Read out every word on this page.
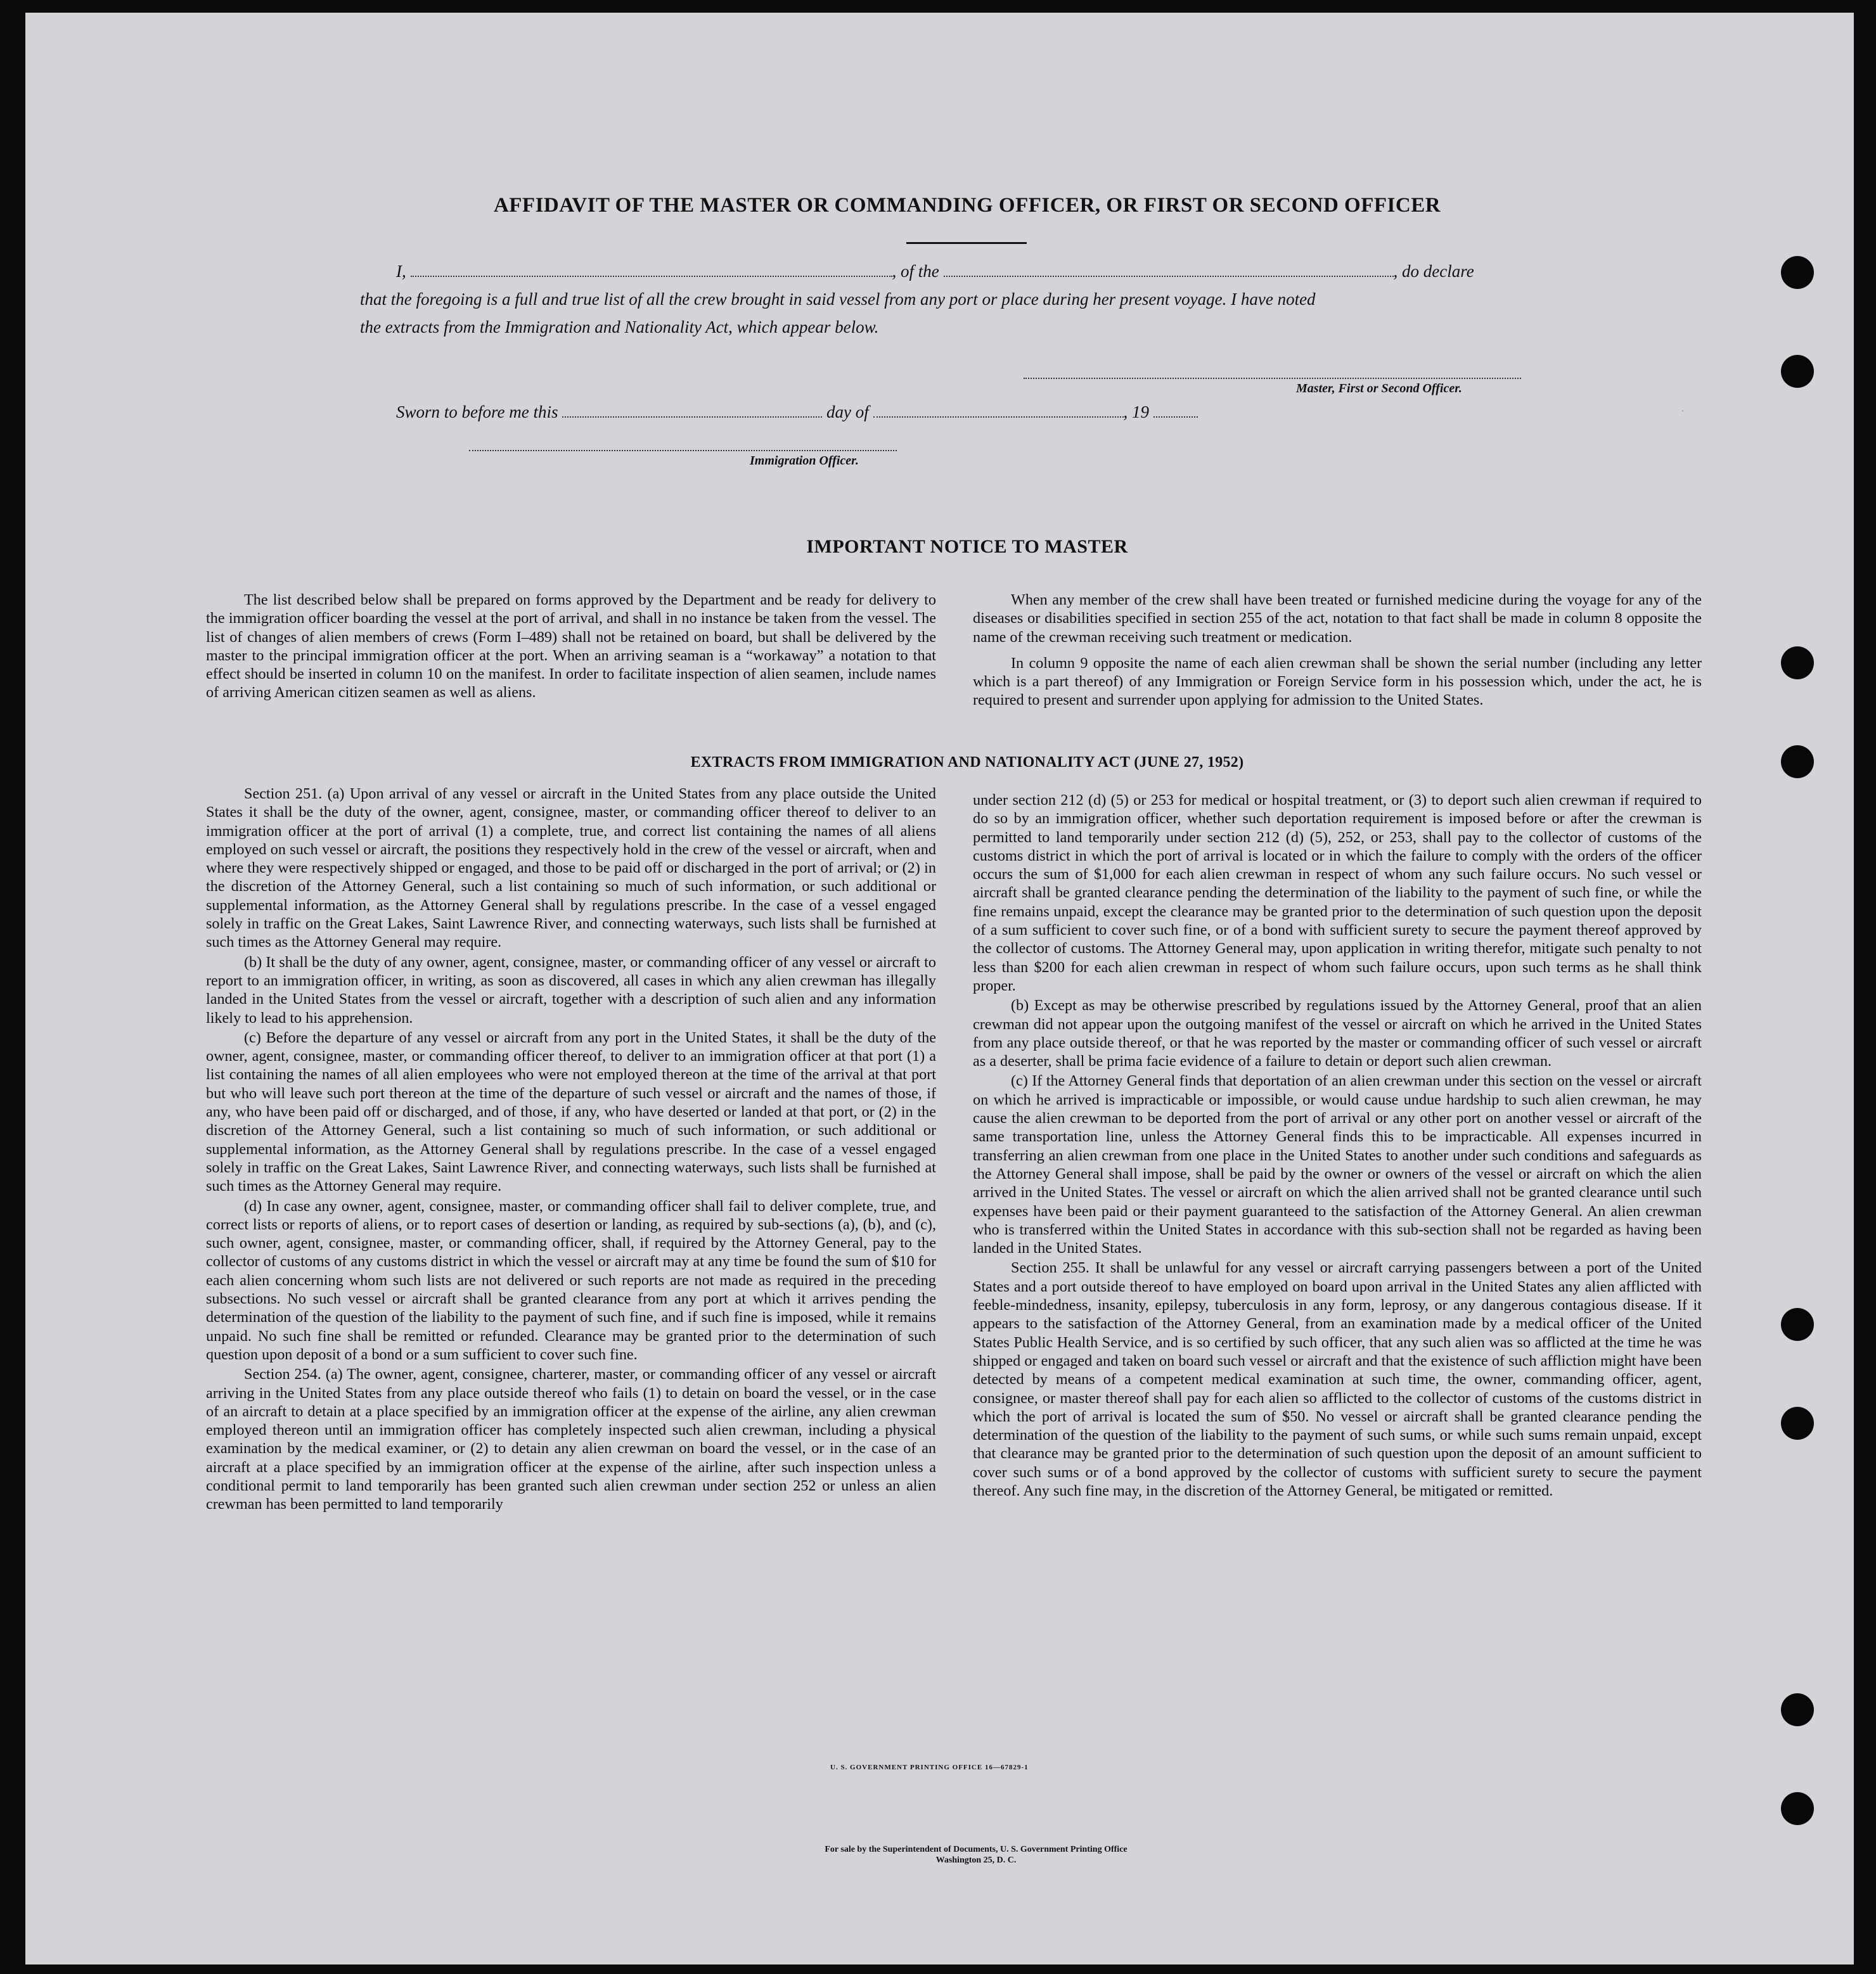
AFFIDAVIT OF THE MASTER OR COMMANDING OFFICER, OR FIRST OR SECOND OFFICER
I,	, of the	, do declare
that the foregoing is a full and true list of all the crew brought in said vessel from any port or place during her present voyage. I have noted
the extracts from the Immigration and Nationality Act, which appear below.
Master, First or Second Officer.
Sworn to before me this	day of	, 19
Immigration Officer.
·
IMPORTANT NOTICE TO MASTER

The list described below shall be prepared on forms approved by the Department and be ready for delivery to the immigration officer boarding the vessel at the port of arrival, and shall in no instance be taken from the vessel. The list of changes of alien members of crews (Form I–489) shall not be retained on board, but shall be delivered by the master to the principal immigration officer at the port. When an arriving seaman is a “workaway” a notation to that effect should be inserted in column 10 on the manifest. In order to facilitate inspection of alien seamen, include names of arriving American citizen seamen as well as aliens.

When any member of the crew shall have been treated or furnished medicine during the voyage for any of the diseases or disabilities specified in section 255 of the act, notation to that fact shall be made in column 8 opposite the name of the crewman receiving such treatment or medication.

In column 9 opposite the name of each alien crewman shall be shown the serial number (including any letter which is a part thereof) of any Immigration or Foreign Service form in his possession which, under the act, he is required to present and surrender upon applying for admission to the United States.

EXTRACTS FROM IMMIGRATION AND NATIONALITY ACT (JUNE 27, 1952)

Section 251. (a) Upon arrival of any vessel or aircraft in the United States from any place outside the United States it shall be the duty of the owner, agent, consignee, master, or commanding officer thereof to deliver to an immigration officer at the port of arrival (1) a complete, true, and correct list containing the names of all aliens employed on such vessel or aircraft, the positions they respectively hold in the crew of the vessel or aircraft, when and where they were respectively shipped or engaged, and those to be paid off or discharged in the port of arrival; or (2) in the discretion of the Attorney General, such a list containing so much of such information, or such additional or supplemental information, as the Attorney General shall by regulations prescribe. In the case of a vessel engaged solely in traffic on the Great Lakes, Saint Lawrence River, and connecting waterways, such lists shall be furnished at such times as the Attorney General may require.

(b) It shall be the duty of any owner, agent, consignee, master, or commanding officer of any vessel or aircraft to report to an immigration officer, in writing, as soon as discovered, all cases in which any alien crewman has illegally landed in the United States from the vessel or aircraft, together with a description of such alien and any information likely to lead to his apprehension.

(c) Before the departure of any vessel or aircraft from any port in the United States, it shall be the duty of the owner, agent, consignee, master, or commanding officer thereof, to deliver to an immigration officer at that port (1) a list containing the names of all alien employees who were not employed thereon at the time of the arrival at that port but who will leave such port thereon at the time of the departure of such vessel or aircraft and the names of those, if any, who have been paid off or discharged, and of those, if any, who have deserted or landed at that port, or (2) in the discretion of the Attorney General, such a list containing so much of such information, or such additional or supplemental information, as the Attorney General shall by regulations prescribe. In the case of a vessel engaged solely in traffic on the Great Lakes, Saint Lawrence River, and connecting waterways, such lists shall be furnished at such times as the Attorney General may require.

(d) In case any owner, agent, consignee, master, or commanding officer shall fail to deliver complete, true, and correct lists or reports of aliens, or to report cases of desertion or landing, as required by sub-sections (a), (b), and (c), such owner, agent, consignee, master, or commanding officer, shall, if required by the Attorney General, pay to the collector of customs of any customs district in which the vessel or aircraft may at any time be found the sum of $10 for each alien concerning whom such lists are not delivered or such reports are not made as required in the preceding subsections. No such vessel or aircraft shall be granted clearance from any port at which it arrives pending the determination of the question of the liability to the payment of such fine, and if such fine is imposed, while it remains unpaid. No such fine shall be remitted or refunded. Clearance may be granted prior to the determination of such question upon deposit of a bond or a sum sufficient to cover such fine.

Section 254. (a) The owner, agent, consignee, charterer, master, or commanding officer of any vessel or aircraft arriving in the United States from any place outside thereof who fails (1) to detain on board the vessel, or in the case of an aircraft to detain at a place specified by an immigration officer at the expense of the airline, any alien crewman employed thereon until an immigration officer has completely inspected such alien crewman, including a physical examination by the medical examiner, or (2) to detain any alien crewman on board the vessel, or in the case of an aircraft at a place specified by an immigration officer at the expense of the airline, after such inspection unless a conditional permit to land temporarily has been granted such alien crewman under section 252 or unless an alien crewman has been permitted to land temporarily

under section 212 (d) (5) or 253 for medical or hospital treatment, or (3) to deport such alien crewman if required to do so by an immigration officer, whether such deportation requirement is imposed before or after the crewman is permitted to land temporarily under section 212 (d) (5), 252, or 253, shall pay to the collector of customs of the customs district in which the port of arrival is located or in which the failure to comply with the orders of the officer occurs the sum of $1,000 for each alien crewman in respect of whom any such failure occurs. No such vessel or aircraft shall be granted clearance pending the determination of the liability to the payment of such fine, or while the fine remains unpaid, except the clearance may be granted prior to the determination of such question upon the deposit of a sum sufficient to cover such fine, or of a bond with sufficient surety to secure the payment thereof approved by the collector of customs. The Attorney General may, upon application in writing therefor, mitigate such penalty to not less than $200 for each alien crewman in respect of whom such failure occurs, upon such terms as he shall think proper.

(b) Except as may be otherwise prescribed by regulations issued by the Attorney General, proof that an alien crewman did not appear upon the outgoing manifest of the vessel or aircraft on which he arrived in the United States from any place outside thereof, or that he was reported by the master or commanding officer of such vessel or aircraft as a deserter, shall be prima facie evidence of a failure to detain or deport such alien crewman.

(c) If the Attorney General finds that deportation of an alien crewman under this section on the vessel or aircraft on which he arrived is impracticable or impossible, or would cause undue hardship to such alien crewman, he may cause the alien crewman to be deported from the port of arrival or any other port on another vessel or aircraft of the same transportation line, unless the Attorney General finds this to be impracticable. All expenses incurred in transferring an alien crewman from one place in the United States to another under such conditions and safeguards as the Attorney General shall impose, shall be paid by the owner or owners of the vessel or aircraft on which the alien arrived in the United States. The vessel or aircraft on which the alien arrived shall not be granted clearance until such expenses have been paid or their payment guaranteed to the satisfaction of the Attorney General. An alien crewman who is transferred within the United States in accordance with this sub-section shall not be regarded as having been landed in the United States.

Section 255. It shall be unlawful for any vessel or aircraft carrying passengers between a port of the United States and a port outside thereof to have employed on board upon arrival in the United States any alien afflicted with feeble-mindedness, insanity, epilepsy, tuberculosis in any form, leprosy, or any dangerous contagious disease. If it appears to the satisfaction of the Attorney General, from an examination made by a medical officer of the United States Public Health Service, and is so certified by such officer, that any such alien was so afflicted at the time he was shipped or engaged and taken on board such vessel or aircraft and that the existence of such affliction might have been detected by means of a competent medical examination at such time, the owner, commanding officer, agent, consignee, or master thereof shall pay for each alien so afflicted to the collector of customs of the customs district in which the port of arrival is located the sum of $50. No vessel or aircraft shall be granted clearance pending the determination of the question of the liability to the payment of such sums, or while such sums remain unpaid, except that clearance may be granted prior to the determination of such question upon the deposit of an amount sufficient to cover such sums or of a bond approved by the collector of customs with sufficient surety to secure the payment thereof. Any such fine may, in the discretion of the Attorney General, be mitigated or remitted.

U. S. GOVERNMENT PRINTING OFFICE 16—67829-1
For sale by the Superintendent of Documents, U. S. Government Printing Office
Washington 25, D. C.
